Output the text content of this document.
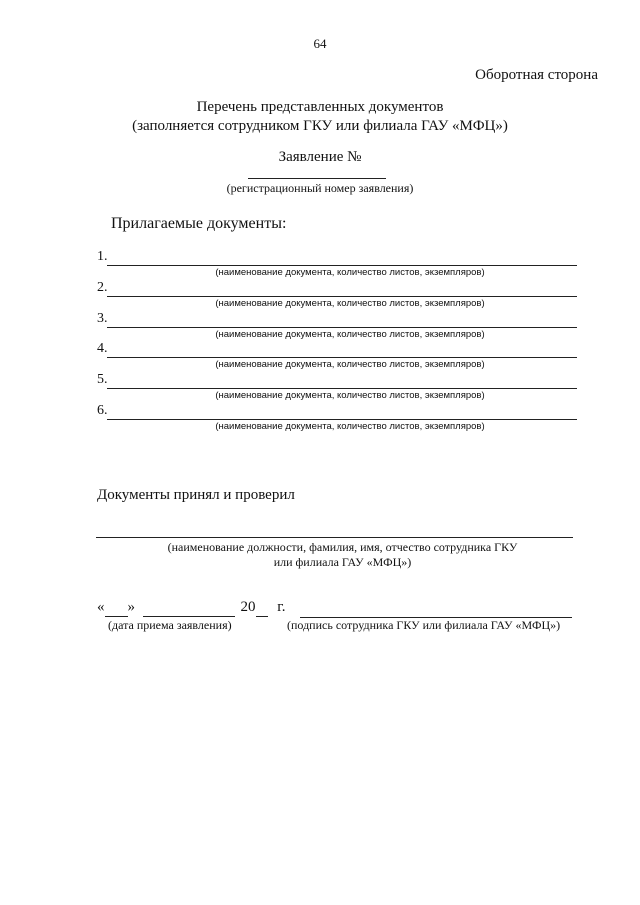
64
Оборотная сторона
Перечень представленных документов
(заполняется сотрудником ГКУ или филиала ГАУ «МФЦ»)
Заявление №
(регистрационный номер заявления)
Прилагаемые документы:
1.
(наименование документа, количество листов, экземпляров)
2.
(наименование документа, количество листов, экземпляров)
3.
(наименование документа, количество листов, экземпляров)
4.
(наименование документа, количество листов, экземпляров)
5.
(наименование документа, количество листов, экземпляров)
6.
(наименование документа, количество листов, экземпляров)
Документы принял и проверил
(наименование должности, фамилия, имя, отчество сотрудника ГКУ
или филиала ГАУ «МФЦ»)
« »	20 г.
(дата приема заявления)	(подпись сотрудника ГКУ или филиала ГАУ «МФЦ»)
